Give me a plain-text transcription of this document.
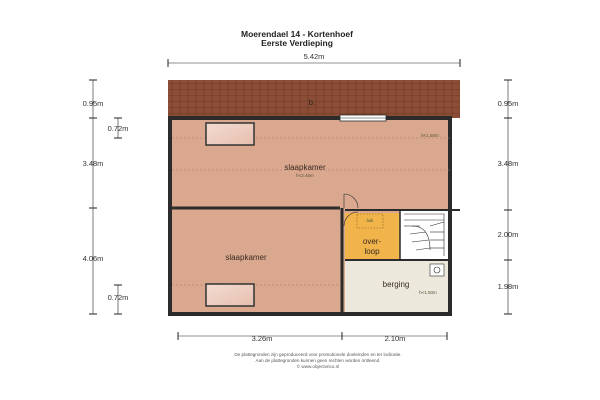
Moerendael 14 - Kortenhoef
Eerste Verdieping
5.42m
b.
luik
slaapkamer
h<2.45m
h<1.50m
slaapkamer
over-
loop
berging
h<1.50m
0.95m
3.48m
4.06m
0.72m
0.72m
0.95m
3.48m
2.00m
1.98m
3.26m	2.10m
De plattegronden zijn geproduceerd voor promotionele doeleinden en ter indicatie.
Aan de plattegronden kunnen geen rechten worden ontleend.
© www.objectvrico.nl
